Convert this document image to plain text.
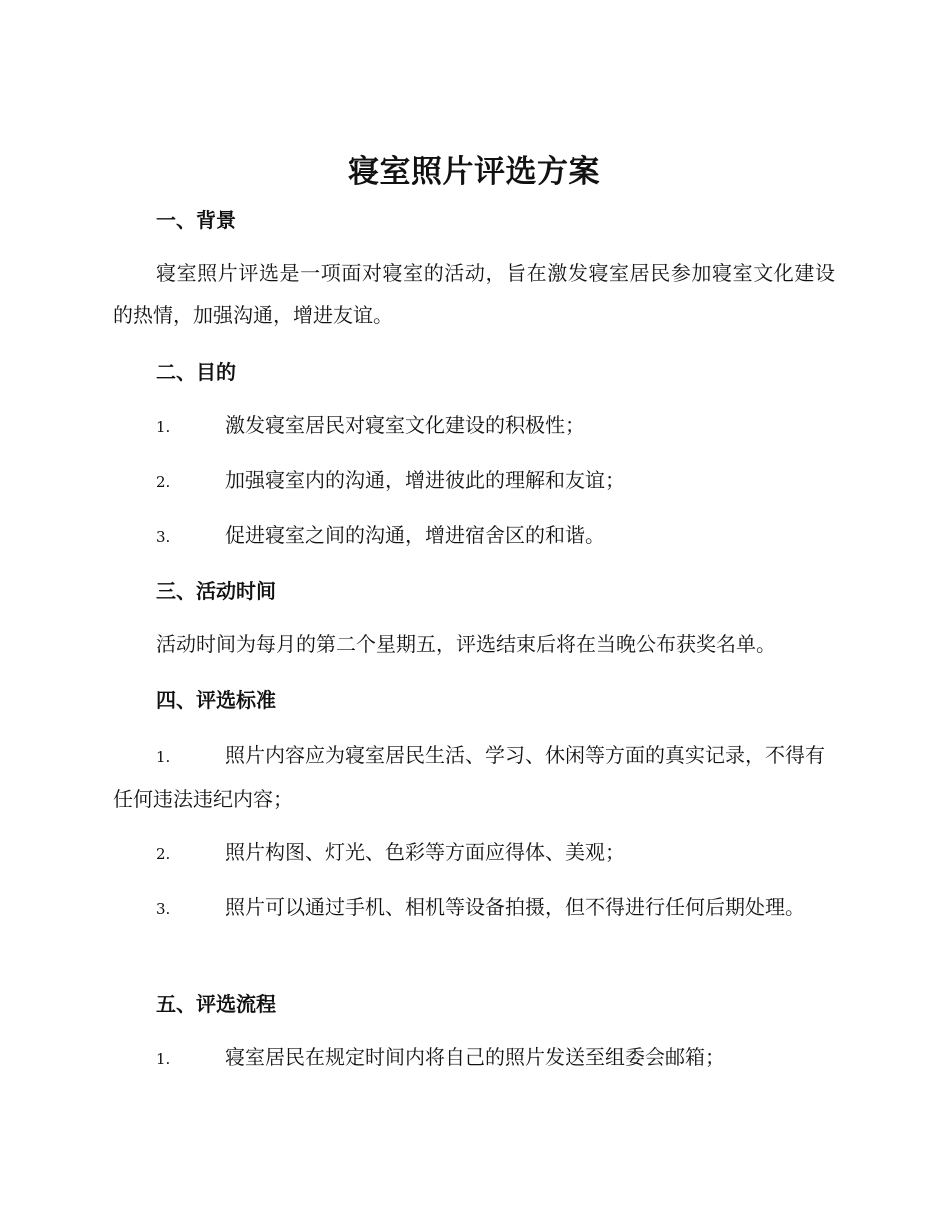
寝室照片评选方案
一、背景

寝室照片评选是一项面对寝室的活动，旨在激发寝室居民参加寝室文化建设的热情，加强沟通，增进友谊。

二、目的

1.	激发寝室居民对寝室文化建设的积极性；

2.	加强寝室内的沟通，增进彼此的理解和友谊；

3.	促进寝室之间的沟通，增进宿舍区的和谐。

三、活动时间

活动时间为每月的第二个星期五，评选结束后将在当晚公布获奖名单。

四、评选标准

1.	照片内容应为寝室居民生活、学习、休闲等方面的真实记录，不得有任何违法违纪内容；

2.	照片构图、灯光、色彩等方面应得体、美观；

3.	照片可以通过手机、相机等设备拍摄，但不得进行任何后期处理。

五、评选流程

1.	寝室居民在规定时间内将自己的照片发送至组委会邮箱；
